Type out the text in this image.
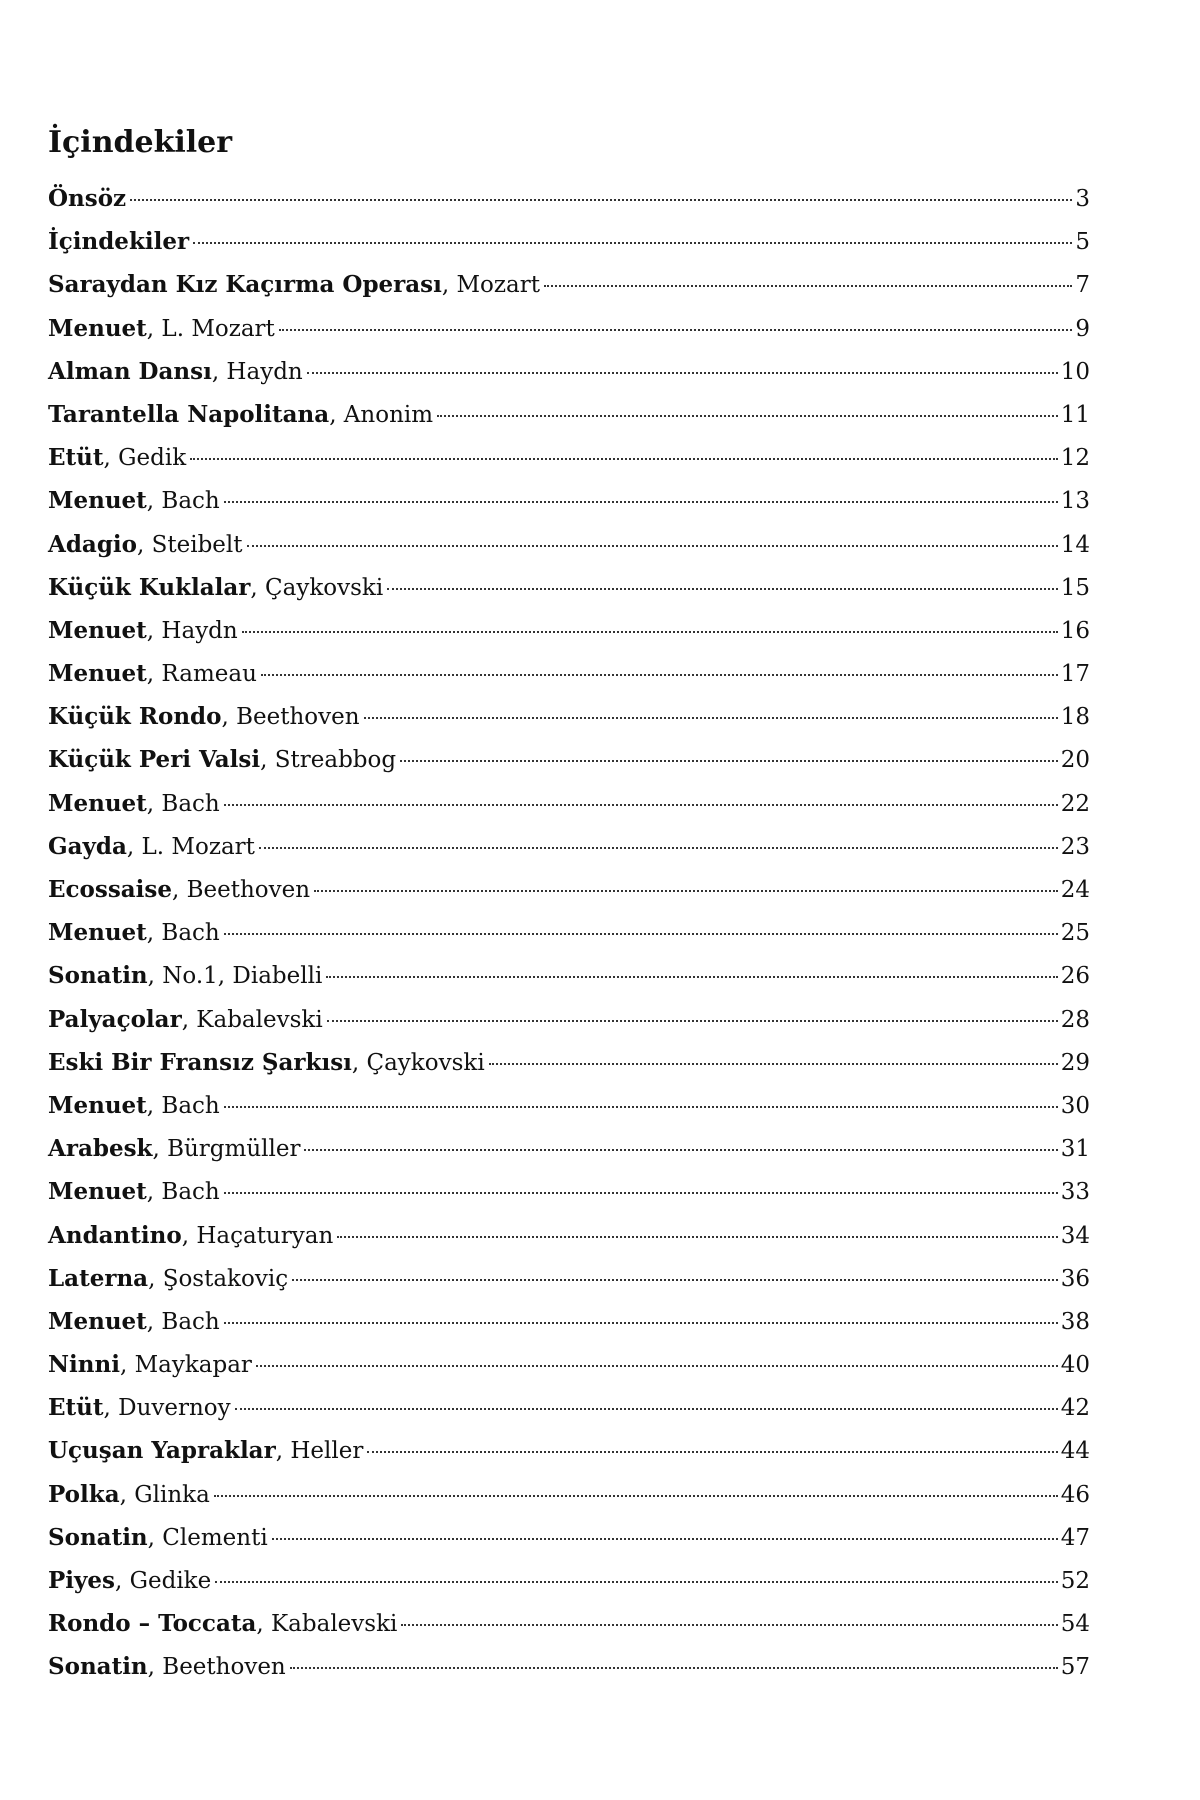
İçindekiler
Önsöz	3
İçindekiler	5
Saraydan Kız Kaçırma Operası , Mozart	7
Menuet , L. Mozart	9
Alman Dansı , Haydn	10
Tarantella Napolitana , Anonim	11
Etüt , Gedik	12
Menuet , Bach	13
Adagio , Steibelt	14
Küçük Kuklalar , Çaykovski	15
Menuet , Haydn	16
Menuet , Rameau	17
Küçük Rondo , Beethoven	18
Küçük Peri Valsi , Streabbog	20
Menuet , Bach	22
Gayda , L. Mozart	23
Ecossaise , Beethoven	24
Menuet , Bach	25
Sonatin , No.1, Diabelli	26
Palyaçolar , Kabalevski	28
Eski Bir Fransız Şarkısı , Çaykovski	29
Menuet , Bach	30
Arabesk , Bürgmüller	31
Menuet , Bach	33
Andantino , Haçaturyan	34
Laterna , Şostakoviç	36
Menuet , Bach	38
Ninni , Maykapar	40
Etüt , Duvernoy	42
Uçuşan Yapraklar , Heller	44
Polka , Glinka	46
Sonatin , Clementi	47
Piyes , Gedike	52
Rondo – Toccata , Kabalevski	54
Sonatin , Beethoven	57
